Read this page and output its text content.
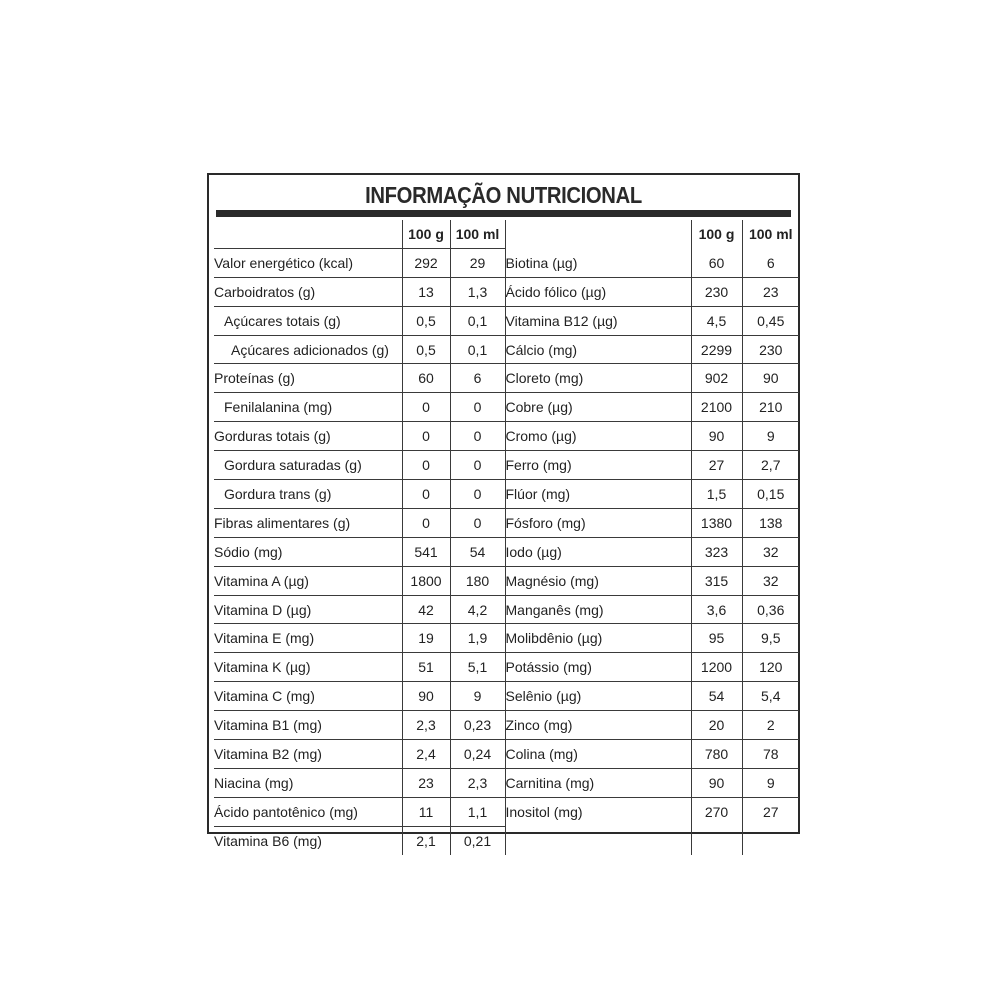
INFORMAÇÃO NUTRICIONAL
	100 g	100 ml		100 g	100 ml
Valor energético (kcal)	292	29	Biotina (µg)	60	6
Carboidratos (g)	13	1,3	Ácido fólico (µg)	230	23
Açúcares totais (g)	0,5	0,1	Vitamina B12 (µg)	4,5	0,45
Açúcares adicionados (g)	0,5	0,1	Cálcio (mg)	2299	230
Proteínas (g)	60	6	Cloreto (mg)	902	90
Fenilalanina (mg)	0	0	Cobre (µg)	2100	210
Gorduras totais (g)	0	0	Cromo (µg)	90	9
Gordura saturadas (g)	0	0	Ferro (mg)	27	2,7
Gordura trans (g)	0	0	Flúor (mg)	1,5	0,15
Fibras alimentares (g)	0	0	Fósforo (mg)	1380	138
Sódio (mg)	541	54	Iodo (µg)	323	32
Vitamina A (µg)	1800	180	Magnésio (mg)	315	32
Vitamina D (µg)	42	4,2	Manganês (mg)	3,6	0,36
Vitamina E (mg)	19	1,9	Molibdênio (µg)	95	9,5
Vitamina K (µg)	51	5,1	Potássio (mg)	1200	120
Vitamina C (mg)	90	9	Selênio (µg)	54	5,4
Vitamina B1 (mg)	2,3	0,23	Zinco (mg)	20	2
Vitamina B2 (mg)	2,4	0,24	Colina (mg)	780	78
Niacina (mg)	23	2,3	Carnitina (mg)	90	9
Ácido pantotênico (mg)	11	1,1	Inositol (mg)	270	27
Vitamina B6 (mg)	2,1	0,21			
